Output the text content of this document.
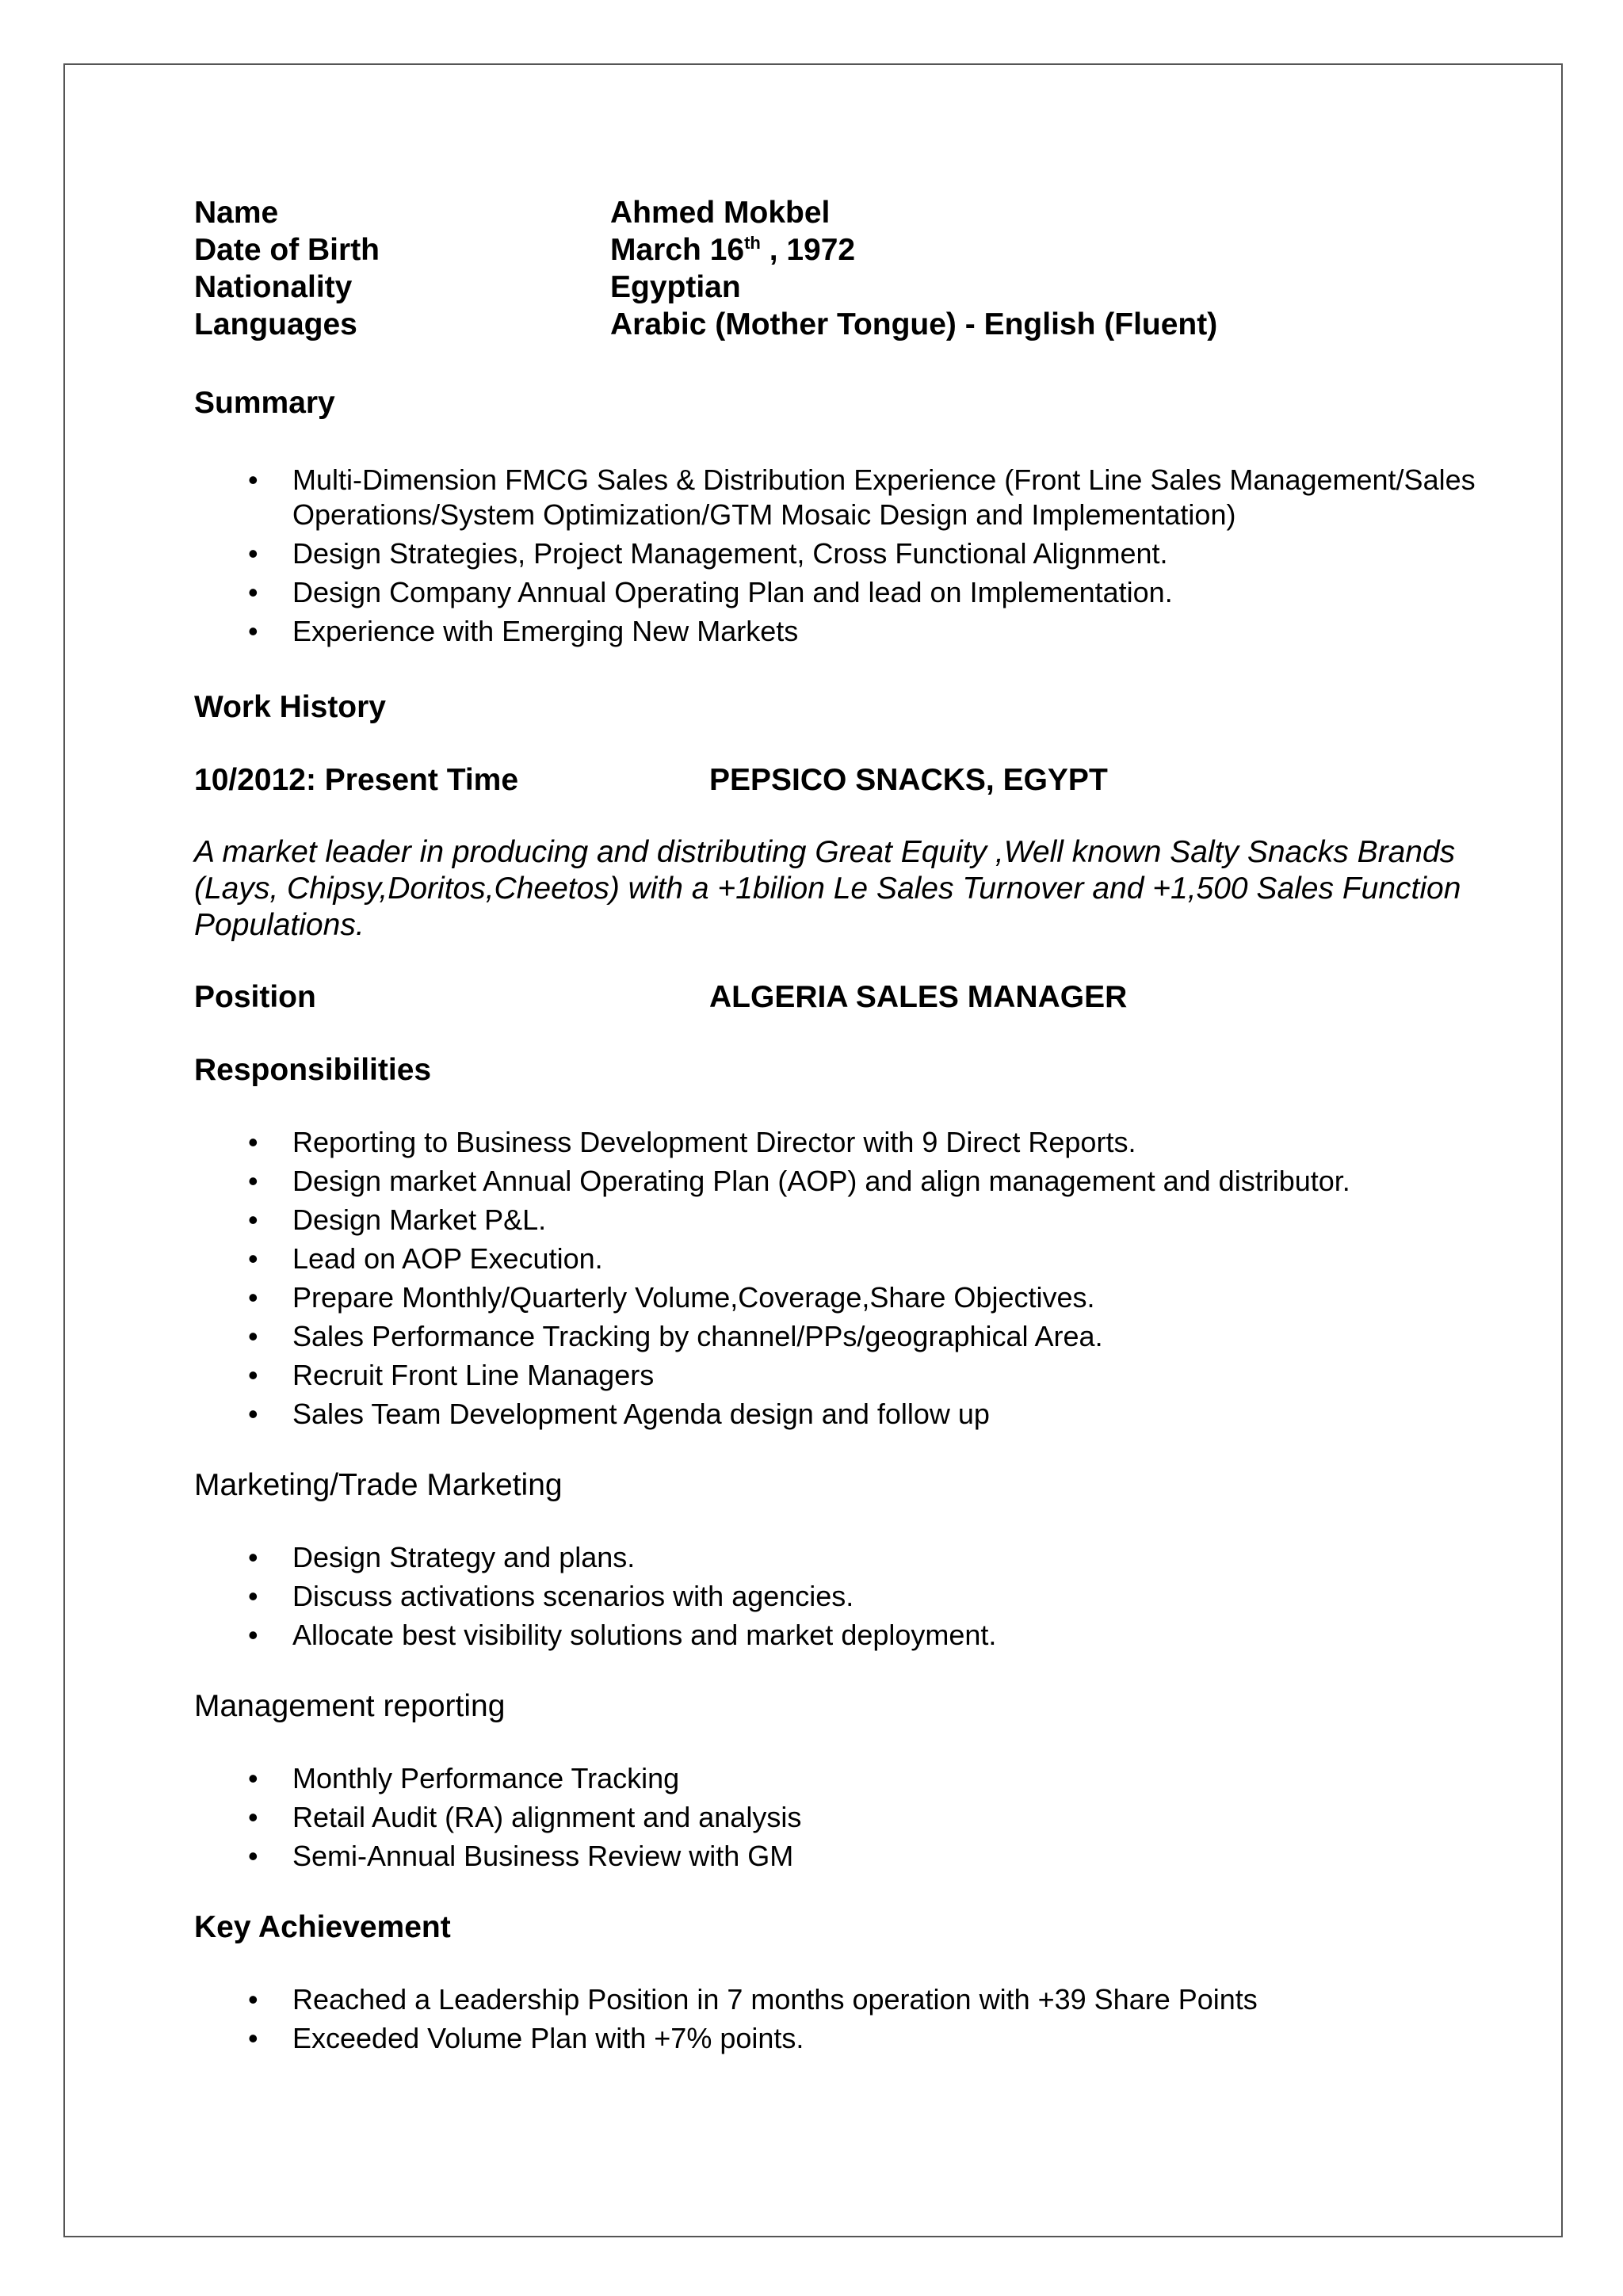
Name	Ahmed Mokbel
Date of Birth	March 16th , 1972
Nationality	Egyptian
Languages	Arabic (Mother Tongue) - English (Fluent)
Summary
• Multi-Dimension FMCG Sales & Distribution Experience (Front Line Sales Management/Sales Operations/System Optimization/GTM Mosaic Design and Implementation)
• Design Strategies, Project Management, Cross Functional Alignment.
• Design Company Annual Operating Plan and lead on Implementation.
• Experience with Emerging New Markets
Work History
10/2012: Present Time	PEPSICO SNACKS, EGYPT
A market leader in producing and distributing Great Equity ,Well known Salty Snacks Brands (Lays, Chipsy,Doritos,Cheetos) with a +1bilion Le Sales Turnover and +1,500 Sales Function Populations.
Position	ALGERIA SALES MANAGER
Responsibilities
• Reporting to Business Development Director with 9 Direct Reports.
• Design market Annual Operating Plan (AOP) and align management and distributor.
• Design Market P&L.
• Lead on AOP Execution.
• Prepare Monthly/Quarterly Volume,Coverage,Share Objectives.
• Sales Performance Tracking by channel/PPs/geographical Area.
• Recruit Front Line Managers
• Sales Team Development Agenda design and follow up
Marketing/Trade Marketing
• Design Strategy and plans.
• Discuss activations scenarios with agencies.
• Allocate best visibility solutions and market deployment.
Management reporting
• Monthly Performance Tracking
• Retail Audit (RA) alignment and analysis
• Semi-Annual Business Review with GM
Key Achievement
• Reached a Leadership Position in 7 months operation with +39 Share Points
• Exceeded Volume Plan with +7% points.
